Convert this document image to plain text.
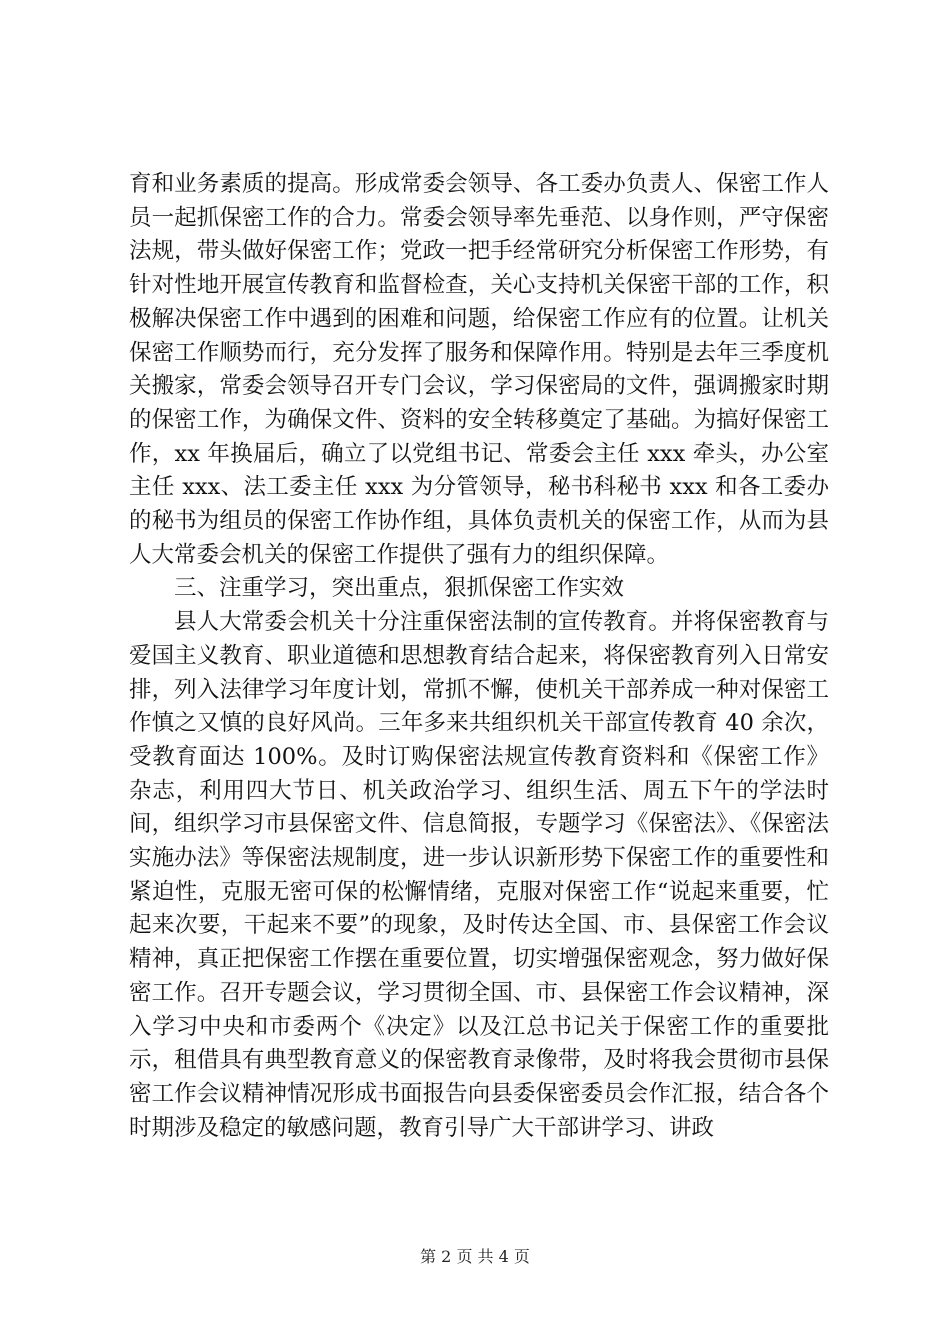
育和业务素质的提高。形成常委会领导、各工委办负责人、保密工作人员一起抓保密工作的合力。常委会领导率先垂范、以身作则，严守保密法规，带头做好保密工作；党政一把手经常研究分析保密工作形势，有针对性地开展宣传教育和监督检查，关心支持机关保密干部的工作，积极解决保密工作中遇到的困难和问题，给保密工作应有的位置。让机关保密工作顺势而行，充分发挥了服务和保障作用。特别是去年三季度机关搬家，常委会领导召开专门会议，学习保密局的文件，强调搬家时期的保密工作，为确保文件、资料的安全转移奠定了基础。为搞好保密工作，xx 年换届后，确立了以党组书记、常委会主任 xxx 牵头，办公室主任 xxx、法工委主任 xxx 为分管领导，秘书科秘书 xxx 和各工委办的秘书为组员的保密工作协作组，具体负责机关的保密工作，从而为县人大常委会机关的保密工作提供了强有力的组织保障。

三、注重学习，突出重点，狠抓保密工作实效

县人大常委会机关十分注重保密法制的宣传教育。并将保密教育与爱国主义教育、职业道德和思想教育结合起来，将保密教育列入日常安排，列入法律学习年度计划，常抓不懈，使机关干部养成一种对保密工作慎之又慎的良好风尚。三年多来共组织机关干部宣传教育 40 余次，受教育面达 100%。及时订购保密法规宣传教育资料和《保密工作》杂志，利用四大节日、机关政治学习、组织生活、周五下午的学法时间，组织学习市县保密文件、信息简报，专题学习《保密法》、《保密法实施办法》等保密法规制度，进一步认识新形势下保密工作的重要性和紧迫性，克服无密可保的松懈情绪，克服对保密工作“说起来重要，忙起来次要，干起来不要”的现象，及时传达全国、市、县保密工作会议精神，真正把保密工作摆在重要位置，切实增强保密观念，努力做好保密工作。召开专题会议，学习贯彻全国、市、县保密工作会议精神，深入学习中央和市委两个《决定》以及江总书记关于保密工作的重要批示，租借具有典型教育意义的保密教育录像带，及时将我会贯彻市县保密工作会议精神情况形成书面报告向县委保密委员会作汇报，结合各个时期涉及稳定的敏感问题，教育引导广大干部讲学习、讲政

第 2 页 共 4 页
